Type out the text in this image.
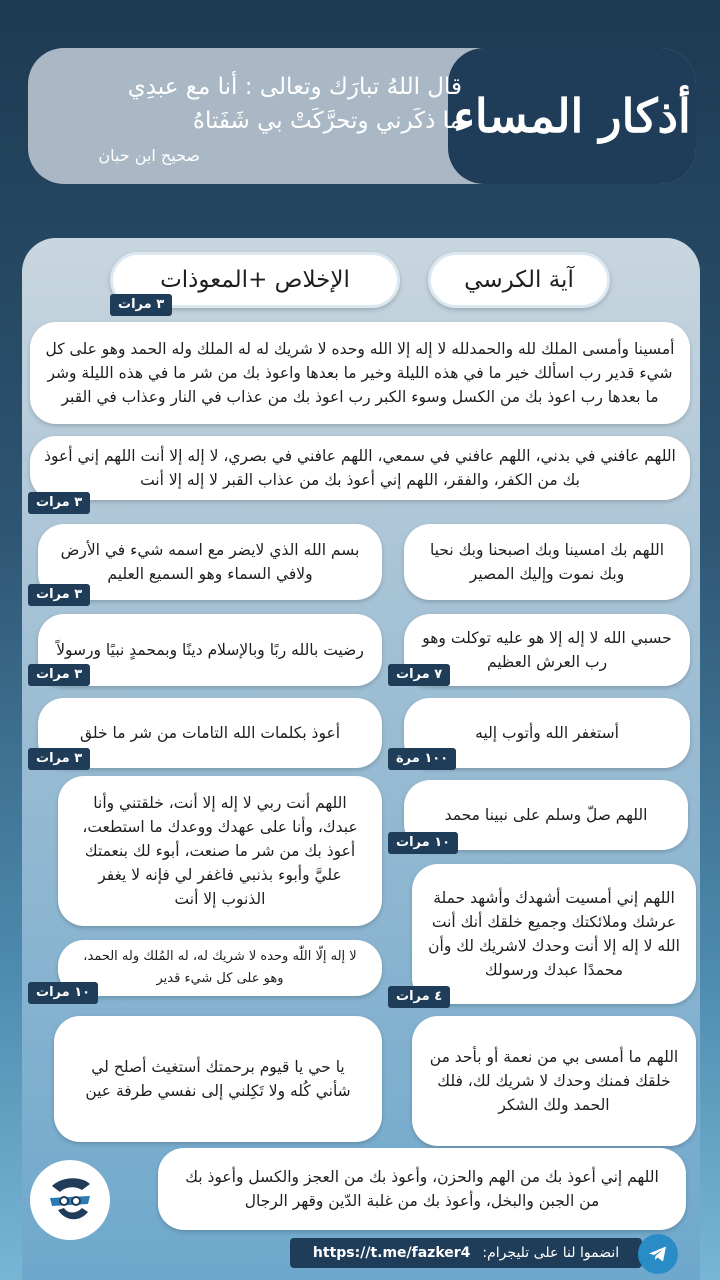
أذكار المساء
قال اللهُ تبارَك وتعالى : أنا مع عبدِي
ما ذكَرني وتحرَّكَتْ بي شَفَتاهُ
صحيح ابن حبان
آية الكرسي
الإخلاص +المعوذات
٣ مرات
أمسينا وأمسى الملك لله والحمدلله لا إله إلا الله وحده لا شريك له له الملك وله الحمد وهو على كل شيء قدير رب اسألك خير ما في هذه الليلة وخير ما بعدها واعوذ بك من شر ما في هذه الليلة وشر ما بعدها رب اعوذ بك من الكسل وسوء الكبر رب اعوذ بك من عذاب في النار وعذاب في القبر
اللهم عافني في بدني، اللهم عافني في سمعي، اللهم عافني في بصري، لا إله إلا أنت اللهم إني أعوذ بك من الكفر، والفقر، اللهم إني أعوذ بك من عذاب القبر لا إله إلا أنت
٣ مرات
اللهم بك امسينا وبك اصبحنا وبك نحيا وبك نموت وإليك المصير
بسم الله الذي لايضر مع اسمه شيء في الأرض ولافي السماء وهو السميع العليم
٣ مرات
حسبي الله لا إله إلا هو عليه توكلت وهو رب العرش العظيم
٧ مرات
رضيت بالله ربًا وبالإسلام دينًا وبمحمدٍ نبيًا ورسولاً
٣ مرات
أستغفر الله وأتوب إليه
١٠٠ مرة
أعوذ بكلمات الله التامات من شر ما خلق
٣ مرات
اللهم صلّ وسلم على نبينا محمد
١٠ مرات
اللهم أنت ربي لا إله إلا أنت، خلقتني وأنا عبدك، وأنا على عهدك ووعدك ما استطعت، أعوذ بك من شر ما صنعت، أبوء لك بنعمتك عليَّ وأبوء بذنبي فاغفر لي فإنه لا يغفر الذنوب إلا أنت	اللهم إني أمسيت أشهدك وأشهد حملة عرشك وملائكتك وجميع خلقك أنك أنت الله لا إله إلا أنت وحدك لاشريك لك وأن محمدًا عبدك ورسولك
٤ مرات
لا إله إلّا اللّٰه وحده لا شريك له، له المُلك وله الحمد، وهو على كل شيء قدير
١٠ مرات
اللهم ما أمسى بي من نعمة أو بأحد من خلقك فمنك وحدك لا شريك لك، فلك الحمد ولك الشكر
يا حي يا قيوم برحمتك أستغيث أصلح لي شأني كُله ولا تَكِلني إلى نفسي طرفة عين
اللهم إني أعوذ بك من الهم والحزن، وأعوذ بك من العجز والكسل وأعوذ بك من الجبن والبخل، وأعوذ بك من غلبة الدّين وقهر الرجال
انضموا لنا على تليجرام:
https://t.me/fazker4
